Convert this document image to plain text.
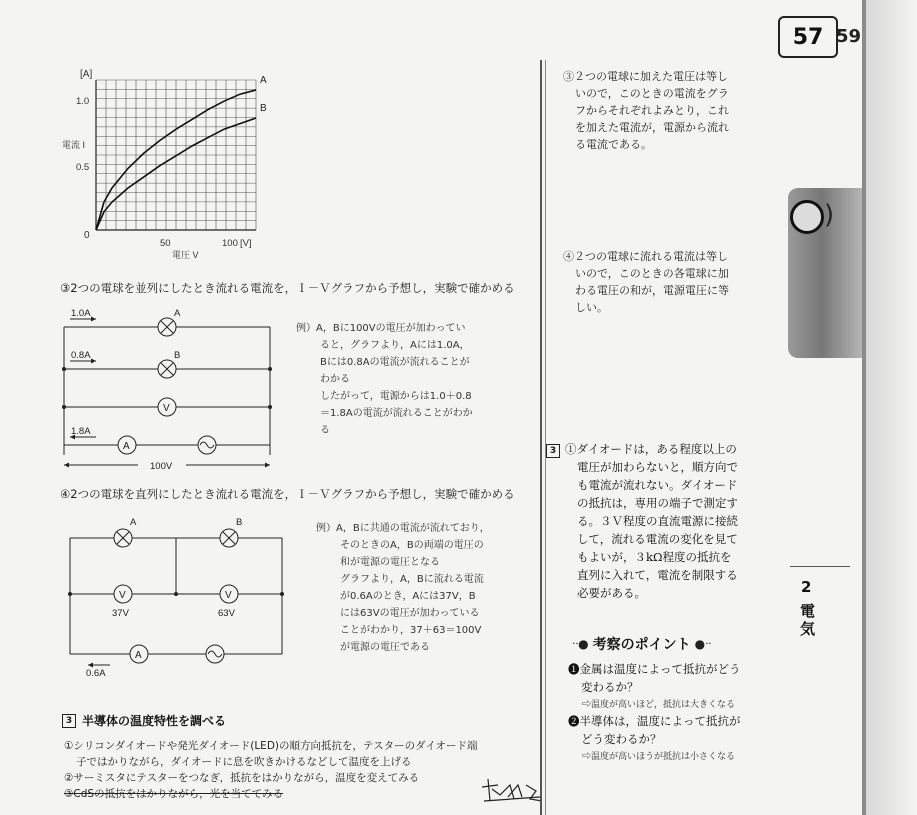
[A]
電流 I
1.0
0.5
0
50	100 [V]
電圧 V
A
B
③2つの電球を並列にしたとき流れる電流を，Ｉ－Ｖグラフから予想し，実験で確かめる
1.0A	A
0.8A	B
V
1.8A
A
100V
例）A，Bに100Vの電圧が加わってい
ると，グラフより，Aには1.0A，
Bには0.8Aの電流が流れることが
わかる
したがって，電源からは1.0＋0.8
＝1.8Aの電流が流れることがわか
る
④2つの電球を直列にしたとき流れる電流を，Ｉ－Ｖグラフから予想し，実験で確かめる
A	B
V	V
37V	63V
A
0.6A
例）A，Bに共通の電流が流れており，
そのときのA，Bの両端の電圧の
和が電源の電圧となる
グラフより，A，Bに流れる電流
が0.6Aのとき，Aには37V，B
には63Vの電圧が加わっている
ことがわかり，37＋63＝100V
が電源の電圧である
3 半導体の温度特性を調べる
①シリコンダイオードや発光ダイオード(LED)の順方向抵抗を，テスターのダイオード端
子ではかりながら，ダイオードに息を吹きかけるなどして温度を上げる
②サーミスタにテスターをつなぎ，抵抗をはかりながら，温度を変えてみる
③CdSの抵抗をはかりながら，光を当ててみる
③２つの電球に加えた電圧は等し
いので，このときの電流をグラ
フからそれぞれよみとり，これ
を加えた電流が，電源から流れ
る電流である。
④２つの電球に流れる電流は等し
いので，このときの各電球に加
わる電圧の和が，電源電圧に等
しい。
3 ①ダイオードは，ある程度以上の
電圧が加わらないと，順方向で
も電流が流れない。ダイオード
の抵抗は，専用の端子で測定す
る。３Ｖ程度の直流電源に接続
して，流れる電流の変化を見て
もよいが，３kΩ程度の抵抗を
直列に入れて，電流を制限する
必要がある。
ᐧᐧ● 考察のポイント ●ᐧᐧ
❶金属は温度によって抵抗がどう
変わるか？
⇨温度が高いほど，抵抗は大きくなる
❷半導体は，温度によって抵抗が
どう変わるか？
⇨温度が高いほうが抵抗は小さくなる
57 59
)
2
電気
